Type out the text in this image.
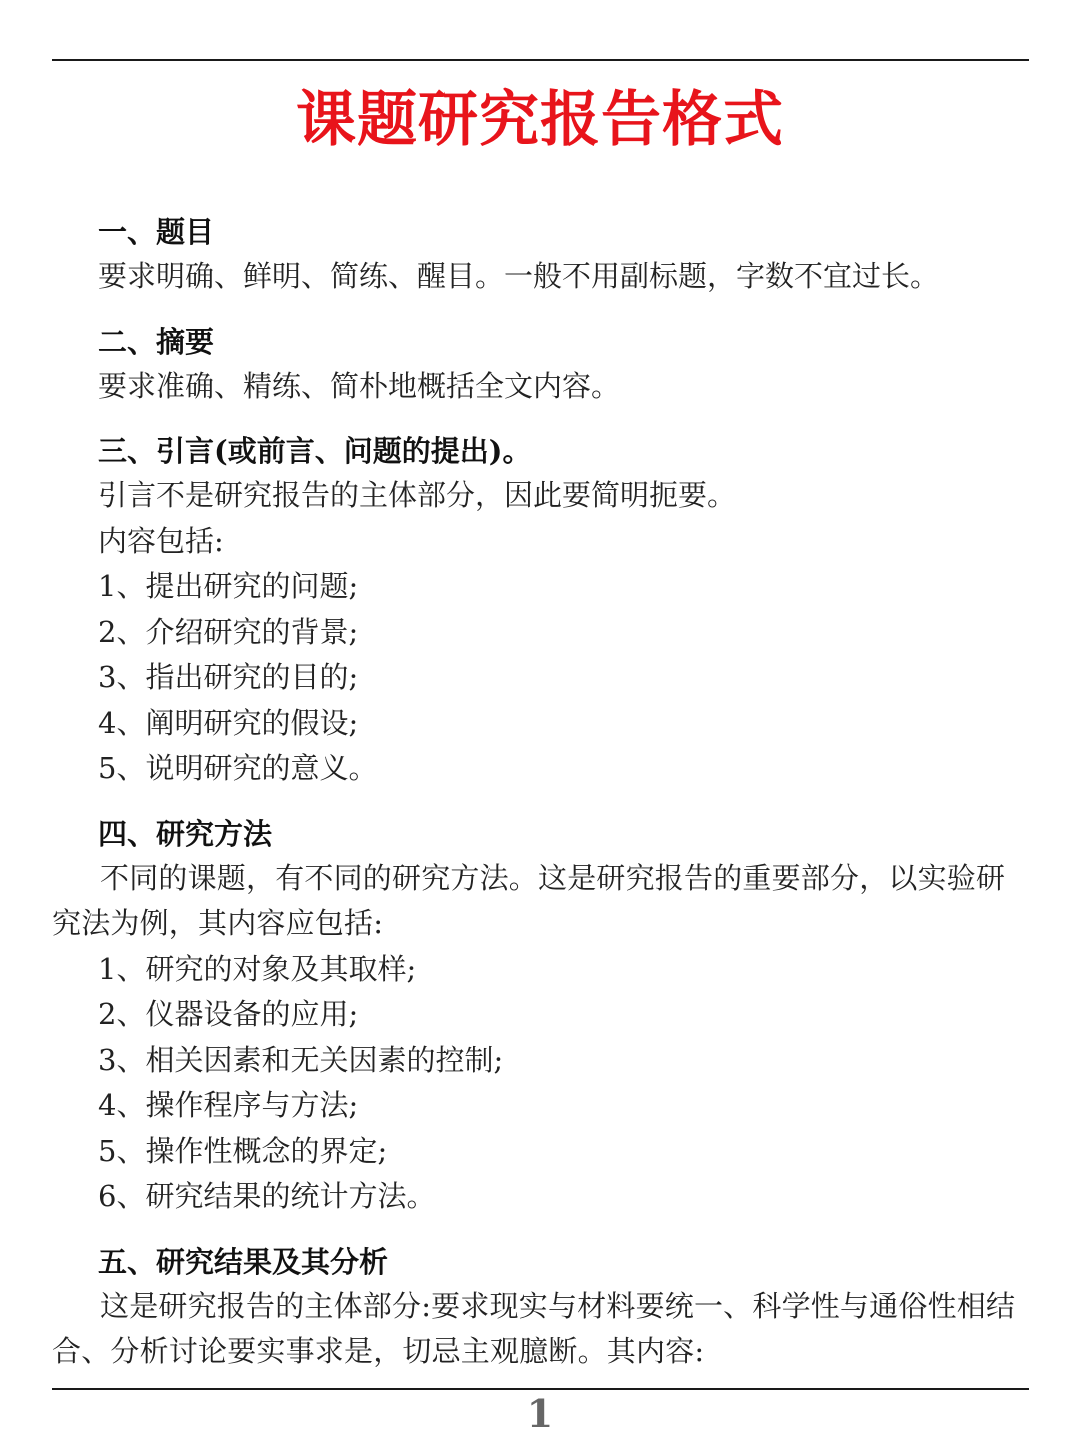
课题研究报告格式
一、题目
要求明确、鲜明、简练、醒目。一般不用副标题，字数不宜过长。
二、摘要
要求准确、精练、简朴地概括全文内容。
三、引言(或前言、问题的提出)。
引言不是研究报告的主体部分，因此要简明扼要。
内容包括:
1、提出研究的问题;
2、介绍研究的背景;
3、指出研究的目的;
4、阐明研究的假设;
5、说明研究的意义。
四、研究方法
不同的课题，有不同的研究方法。这是研究报告的重要部分，以实验研究法为例，其内容应包括:
1、研究的对象及其取样;
2、仪器设备的应用;
3、相关因素和无关因素的控制;
4、操作程序与方法;
5、操作性概念的界定;
6、研究结果的统计方法。
五、研究结果及其分析
这是研究报告的主体部分:要求现实与材料要统一、科学性与通俗性相结合、分析讨论要实事求是，切忌主观臆断。其内容:
1
